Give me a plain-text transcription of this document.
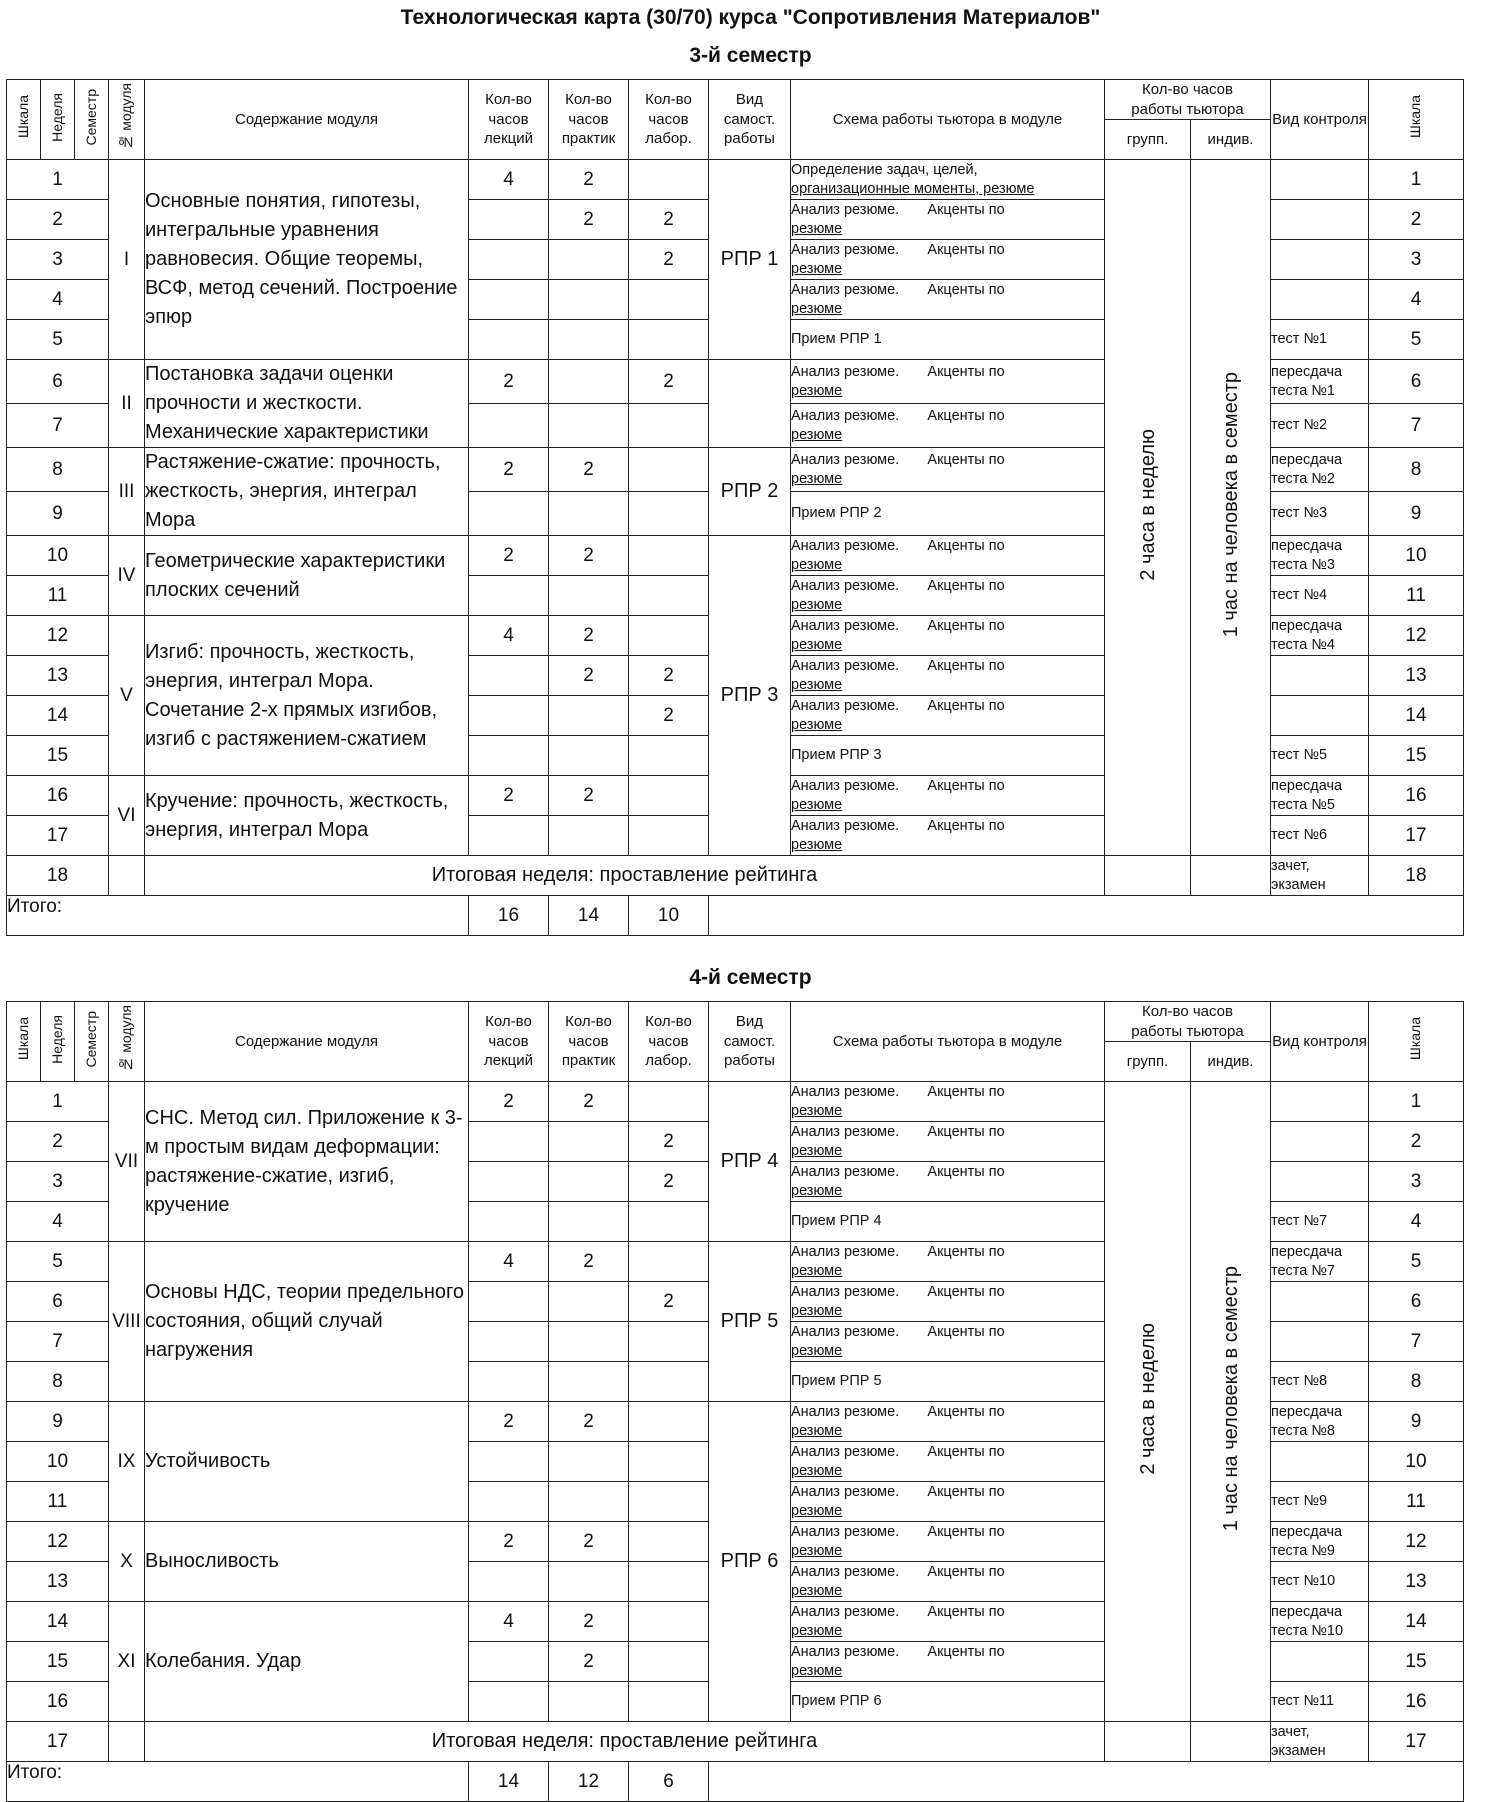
Технологическая карта (30/70) курса "Сопротивления Материалов"
3-й семестр
4-й семестр
Шкала	Неделя	Семестр	№ модуля	Содержание модуля	Кол-во часов лекций	Кол-во часов практик	Кол-во часов лабор.	Вид самост. работы	Схема работы тьютора в модуле	Кол-во часов работы тьютора		Вид контроля	Шкала
										групп.	индив.		
1			I	Основные понятия, гипотезы, интегральные уравнения равновесия. Общие теоремы, ВСФ, метод сечений. Построение эпюр	4	2		РПР 1	Определение задач, целей,
организационные моменты, резюме	2 часа в неделю	1 час на человека в семестр		1
2						2	2		Анализ резюме.       Акценты по
резюме				2
3							2		Анализ резюме.       Акценты по
резюме				3
4									Анализ резюме.       Акценты по
резюме				4
5									Прием РПР 1			тест №1	5
6			II	Постановка задачи оценки прочности и жесткости. Механические характеристики	2		2		Анализ резюме.       Акценты по
резюме			пересдача теста №1	6
7									Анализ резюме.       Акценты по
резюме			тест №2	7
8			III	Растяжение-сжатие: прочность, жесткость, энергия, интеграл Мора	2	2		РПР 2	Анализ резюме.       Акценты по
резюме			пересдача теста №2	8
9									Прием РПР 2			тест №3	9
10			IV	Геометрические характеристики плоских сечений	2	2		РПР 3	Анализ резюме.       Акценты по
резюме			пересдача теста №3	10
11									Анализ резюме.       Акценты по
резюме			тест №4	11
12			V	Изгиб: прочность, жесткость, энергия, интеграл Мора. Сочетание 2-х прямых изгибов, изгиб с растяжением-сжатием	4	2			Анализ резюме.       Акценты по
резюме			пересдача теста №4	12
13						2	2		Анализ резюме.       Акценты по
резюме				13
14							2		Анализ резюме.       Акценты по
резюме				14
15									Прием РПР 3			тест №5	15
16			VI	Кручение: прочность, жесткость, энергия, интеграл Мора	2	2			Анализ резюме.       Акценты по
резюме			пересдача теста №5	16
17									Анализ резюме.       Акценты по
резюме			тест №6	17
18				Итоговая неделя: проставление рейтинга								зачет, экзамен	18
Итого:					16	14	10						
Шкала	Неделя	Семестр	№ модуля	Содержание модуля	Кол-во часов лекций	Кол-во часов практик	Кол-во часов лабор.	Вид самост. работы	Схема работы тьютора в модуле	Кол-во часов работы тьютора		Вид контроля	Шкала
										групп.	индив.		
1			VII	СНС. Метод сил. Приложение к 3-м простым видам деформации: растяжение-сжатие, изгиб, кручение	2	2		РПР 4	Анализ резюме.       Акценты по
резюме	2 часа в неделю	1 час на человека в семестр		1
2							2		Анализ резюме.       Акценты по
резюме				2
3							2		Анализ резюме.       Акценты по
резюме				3
4									Прием РПР 4			тест №7	4
5			VIII	Основы НДС, теории предельного состояния, общий случай нагружения	4	2		РПР 5	Анализ резюме.       Акценты по
резюме			пересдача теста №7	5
6							2		Анализ резюме.       Акценты по
резюме				6
7									Анализ резюме.       Акценты по
резюме				7
8									Прием РПР 5			тест №8	8
9			IX	Устойчивость	2	2		РПР 6	Анализ резюме.       Акценты по
резюме			пересдача теста №8	9
10									Анализ резюме.       Акценты по
резюме				10
11									Анализ резюме.       Акценты по
резюме			тест №9	11
12			X	Выносливость	2	2			Анализ резюме.       Акценты по
резюме			пересдача теста №9	12
13									Анализ резюме.       Акценты по
резюме			тест №10	13
14			XI	Колебания. Удар	4	2			Анализ резюме.       Акценты по
резюме			пересдача теста №10	14
15						2			Анализ резюме.       Акценты по
резюме				15
16									Прием РПР 6			тест №11	16
17				Итоговая неделя: проставление рейтинга								зачет, экзамен	17
Итого:					14	12	6						
